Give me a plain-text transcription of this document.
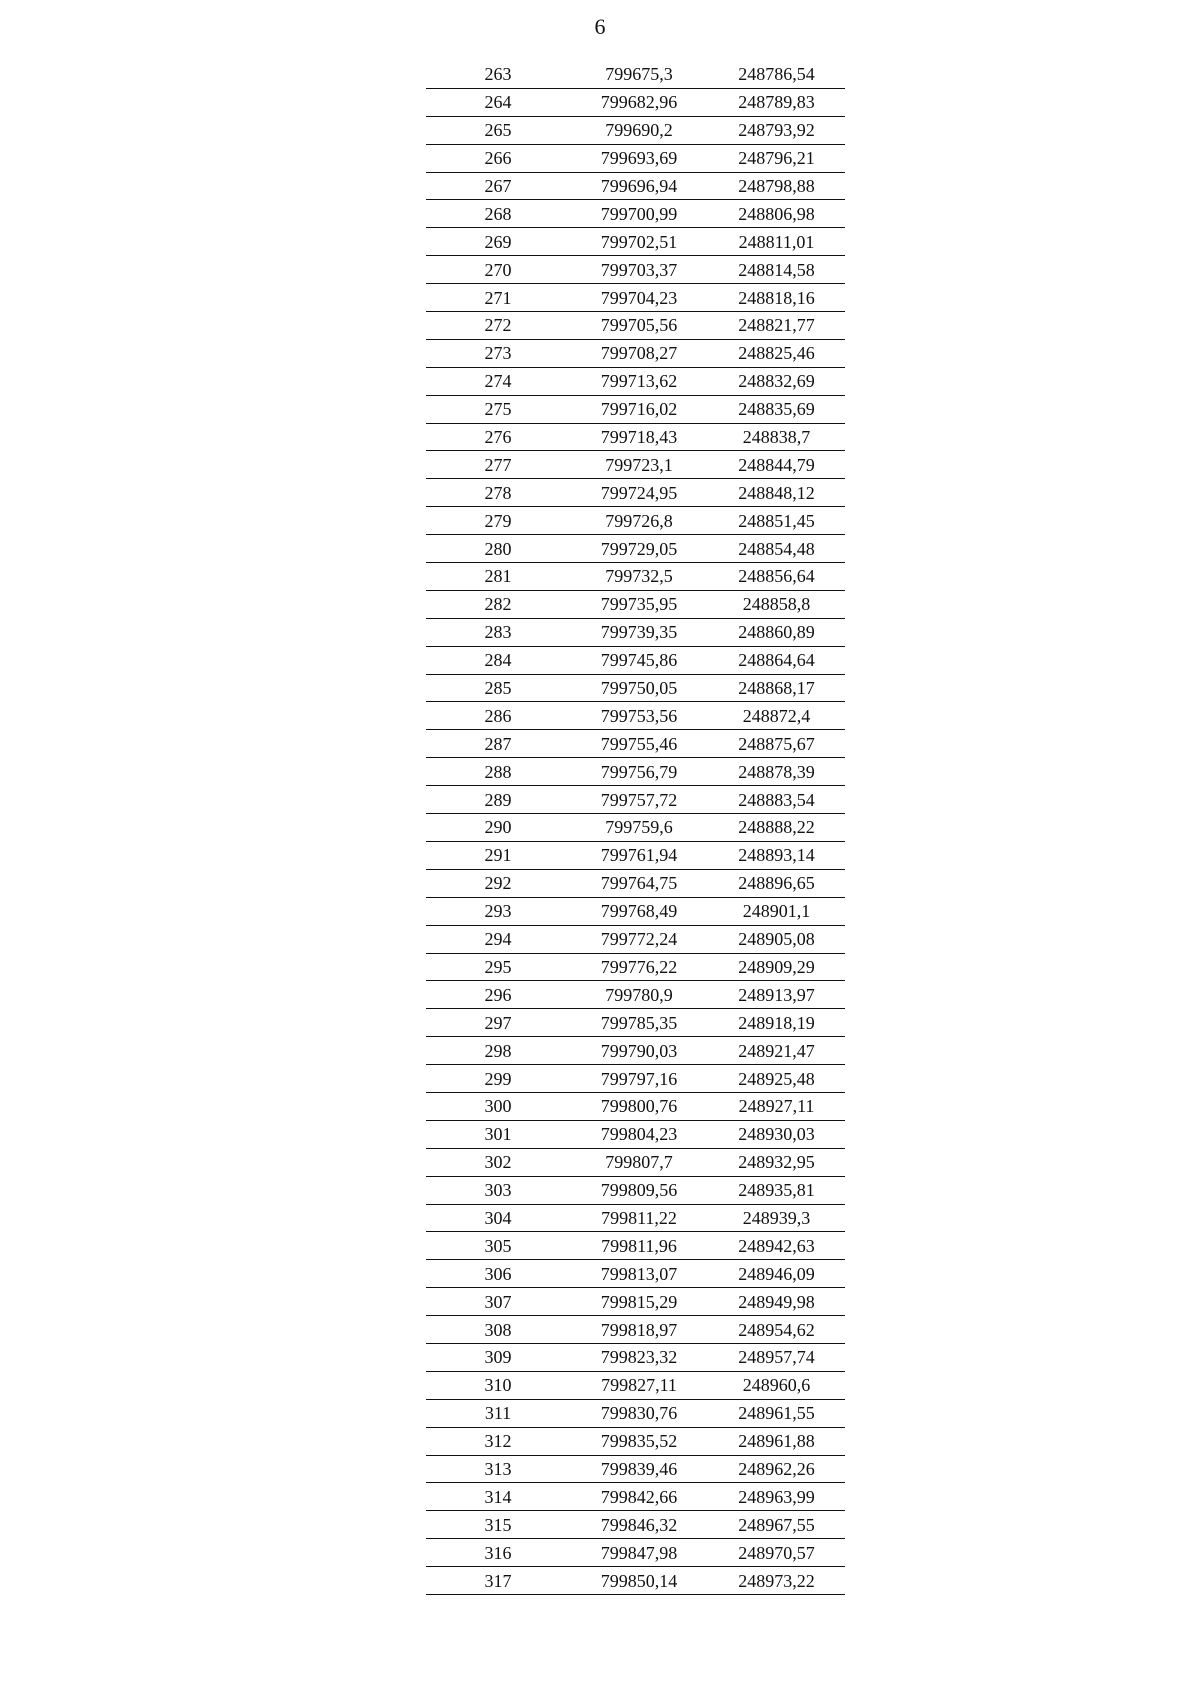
6
263	799675,3	248786,54
264	799682,96	248789,83
265	799690,2	248793,92
266	799693,69	248796,21
267	799696,94	248798,88
268	799700,99	248806,98
269	799702,51	248811,01
270	799703,37	248814,58
271	799704,23	248818,16
272	799705,56	248821,77
273	799708,27	248825,46
274	799713,62	248832,69
275	799716,02	248835,69
276	799718,43	248838,7
277	799723,1	248844,79
278	799724,95	248848,12
279	799726,8	248851,45
280	799729,05	248854,48
281	799732,5	248856,64
282	799735,95	248858,8
283	799739,35	248860,89
284	799745,86	248864,64
285	799750,05	248868,17
286	799753,56	248872,4
287	799755,46	248875,67
288	799756,79	248878,39
289	799757,72	248883,54
290	799759,6	248888,22
291	799761,94	248893,14
292	799764,75	248896,65
293	799768,49	248901,1
294	799772,24	248905,08
295	799776,22	248909,29
296	799780,9	248913,97
297	799785,35	248918,19
298	799790,03	248921,47
299	799797,16	248925,48
300	799800,76	248927,11
301	799804,23	248930,03
302	799807,7	248932,95
303	799809,56	248935,81
304	799811,22	248939,3
305	799811,96	248942,63
306	799813,07	248946,09
307	799815,29	248949,98
308	799818,97	248954,62
309	799823,32	248957,74
310	799827,11	248960,6
311	799830,76	248961,55
312	799835,52	248961,88
313	799839,46	248962,26
314	799842,66	248963,99
315	799846,32	248967,55
316	799847,98	248970,57
317	799850,14	248973,22
